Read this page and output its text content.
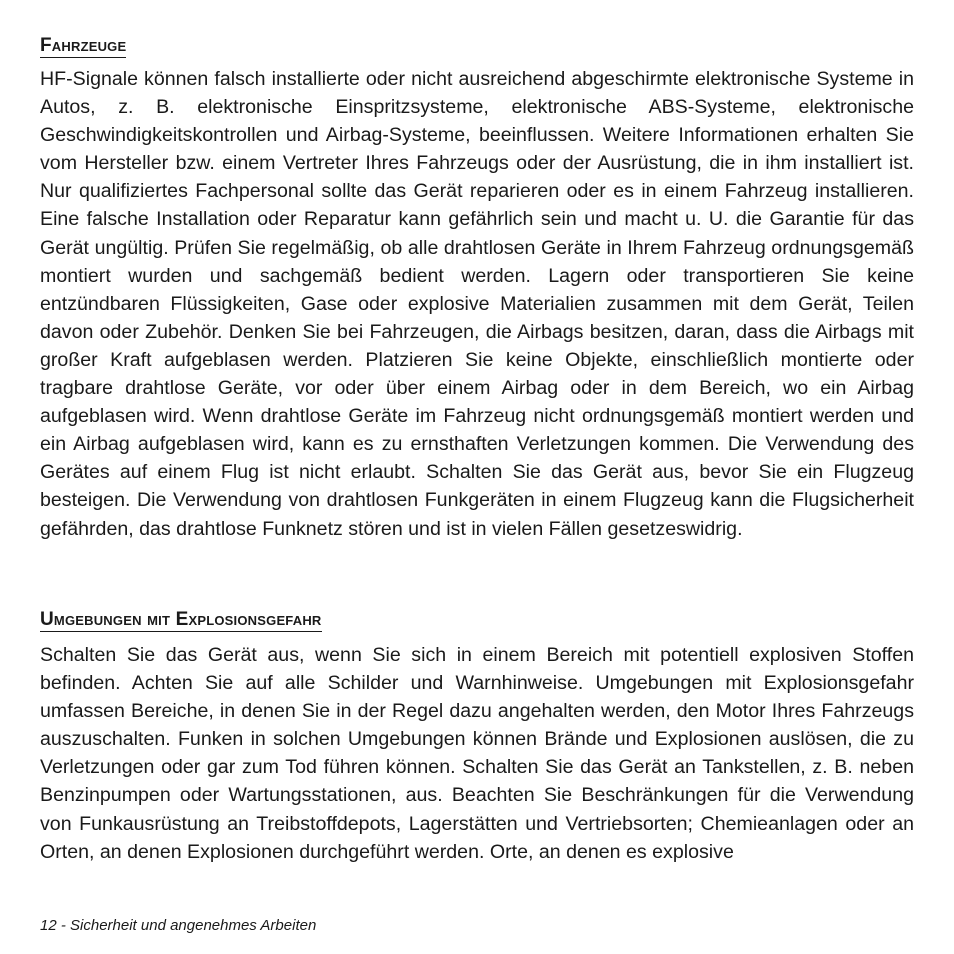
Fahrzeuge

HF-Signale können falsch installierte oder nicht ausreichend abgeschirmte elektronische Systeme in Autos, z. B. elektronische Einspritzsysteme, elektronische ABS-Systeme, elektronische Geschwindigkeitskontrollen und Airbag-Systeme, beeinflussen. Weitere Informationen erhalten Sie vom Hersteller bzw. einem Vertreter Ihres Fahrzeugs oder der Ausrüstung, die in ihm installiert ist. Nur qualifiziertes Fachpersonal sollte das Gerät reparieren oder es in einem Fahrzeug installieren. Eine falsche Installation oder Reparatur kann gefährlich sein und macht u. U. die Garantie für das Gerät ungültig. Prüfen Sie regelmäßig, ob alle drahtlosen Geräte in Ihrem Fahrzeug ordnungsgemäß montiert wurden und sachgemäß bedient werden. Lagern oder transportieren Sie keine entzündbaren Flüssigkeiten, Gase oder explosive Materialien zusammen mit dem Gerät, Teilen davon oder Zubehör. Denken Sie bei Fahrzeugen, die Airbags besitzen, daran, dass die Airbags mit großer Kraft aufgeblasen werden. Platzieren Sie keine Objekte, einschließlich montierte oder tragbare drahtlose Geräte, vor oder über einem Airbag oder in dem Bereich, wo ein Airbag aufgeblasen wird. Wenn drahtlose Geräte im Fahrzeug nicht ordnungsgemäß montiert werden und ein Airbag aufgeblasen wird, kann es zu ernsthaften Verletzungen kommen. Die Verwendung des Gerätes auf einem Flug ist nicht erlaubt. Schalten Sie das Gerät aus, bevor Sie ein Flugzeug besteigen. Die Verwendung von drahtlosen Funkgeräten in einem Flugzeug kann die Flugsicherheit gefährden, das drahtlose Funknetz stören und ist in vielen Fällen gesetzeswidrig.

Umgebungen mit Explosionsgefahr

Schalten Sie das Gerät aus, wenn Sie sich in einem Bereich mit potentiell explosiven Stoffen befinden. Achten Sie auf alle Schilder und Warnhinweise. Umgebungen mit Explosionsgefahr umfassen Bereiche, in denen Sie in der Regel dazu angehalten werden, den Motor Ihres Fahrzeugs auszuschalten. Funken in solchen Umgebungen können Brände und Explosionen auslösen, die zu Verletzungen oder gar zum Tod führen können. Schalten Sie das Gerät an Tankstellen, z. B. neben Benzinpumpen oder Wartungsstationen, aus. Beachten Sie Beschränkungen für die Verwendung von Funkausrüstung an Treibstoffdepots, Lagerstätten und Vertriebsorten; Chemieanlagen oder an Orten, an denen Explosionen durchgeführt werden. Orte, an denen es explosive

12 - Sicherheit und angenehmes Arbeiten
